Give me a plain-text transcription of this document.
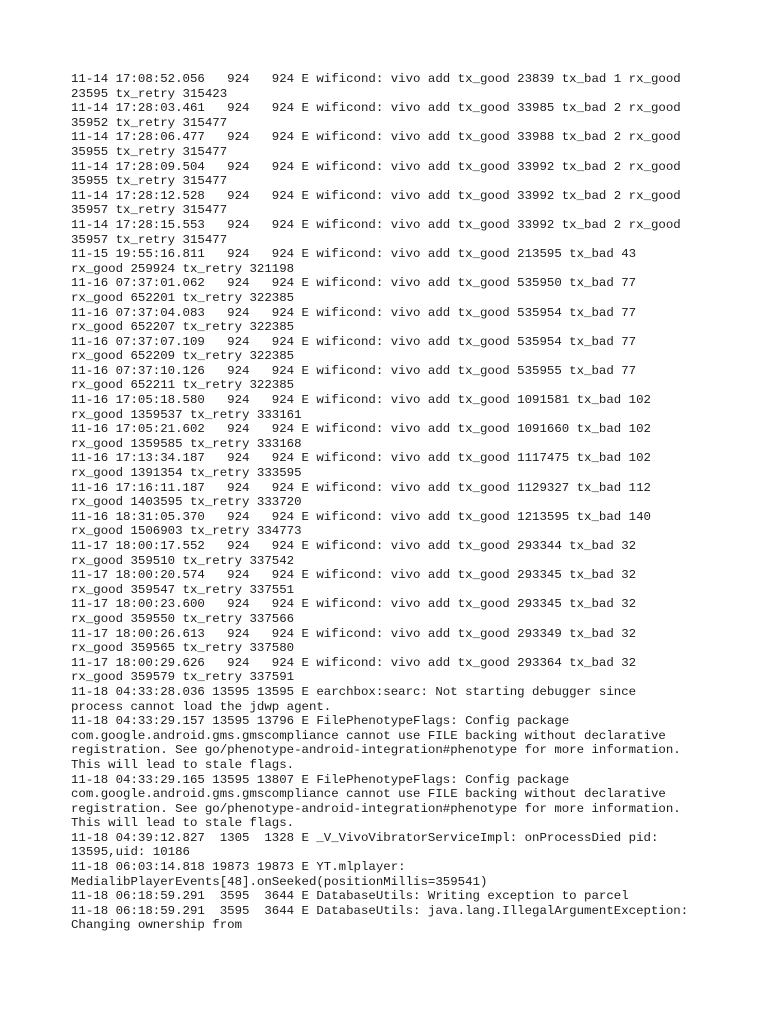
11-14 17:08:52.056   924   924 E wificond: vivo add tx_good 23839 tx_bad 1 rx_good
23595 tx_retry 315423
11-14 17:28:03.461   924   924 E wificond: vivo add tx_good 33985 tx_bad 2 rx_good
35952 tx_retry 315477
11-14 17:28:06.477   924   924 E wificond: vivo add tx_good 33988 tx_bad 2 rx_good
35955 tx_retry 315477
11-14 17:28:09.504   924   924 E wificond: vivo add tx_good 33992 tx_bad 2 rx_good
35955 tx_retry 315477
11-14 17:28:12.528   924   924 E wificond: vivo add tx_good 33992 tx_bad 2 rx_good
35957 tx_retry 315477
11-14 17:28:15.553   924   924 E wificond: vivo add tx_good 33992 tx_bad 2 rx_good
35957 tx_retry 315477
11-15 19:55:16.811   924   924 E wificond: vivo add tx_good 213595 tx_bad 43
rx_good 259924 tx_retry 321198
11-16 07:37:01.062   924   924 E wificond: vivo add tx_good 535950 tx_bad 77
rx_good 652201 tx_retry 322385
11-16 07:37:04.083   924   924 E wificond: vivo add tx_good 535954 tx_bad 77
rx_good 652207 tx_retry 322385
11-16 07:37:07.109   924   924 E wificond: vivo add tx_good 535954 tx_bad 77
rx_good 652209 tx_retry 322385
11-16 07:37:10.126   924   924 E wificond: vivo add tx_good 535955 tx_bad 77
rx_good 652211 tx_retry 322385
11-16 17:05:18.580   924   924 E wificond: vivo add tx_good 1091581 tx_bad 102
rx_good 1359537 tx_retry 333161
11-16 17:05:21.602   924   924 E wificond: vivo add tx_good 1091660 tx_bad 102
rx_good 1359585 tx_retry 333168
11-16 17:13:34.187   924   924 E wificond: vivo add tx_good 1117475 tx_bad 102
rx_good 1391354 tx_retry 333595
11-16 17:16:11.187   924   924 E wificond: vivo add tx_good 1129327 tx_bad 112
rx_good 1403595 tx_retry 333720
11-16 18:31:05.370   924   924 E wificond: vivo add tx_good 1213595 tx_bad 140
rx_good 1506903 tx_retry 334773
11-17 18:00:17.552   924   924 E wificond: vivo add tx_good 293344 tx_bad 32
rx_good 359510 tx_retry 337542
11-17 18:00:20.574   924   924 E wificond: vivo add tx_good 293345 tx_bad 32
rx_good 359547 tx_retry 337551
11-17 18:00:23.600   924   924 E wificond: vivo add tx_good 293345 tx_bad 32
rx_good 359550 tx_retry 337566
11-17 18:00:26.613   924   924 E wificond: vivo add tx_good 293349 tx_bad 32
rx_good 359565 tx_retry 337580
11-17 18:00:29.626   924   924 E wificond: vivo add tx_good 293364 tx_bad 32
rx_good 359579 tx_retry 337591
11-18 04:33:28.036 13595 13595 E earchbox:searc: Not starting debugger since
process cannot load the jdwp agent.
11-18 04:33:29.157 13595 13796 E FilePhenotypeFlags: Config package
com.google.android.gms.gmscompliance cannot use FILE backing without declarative
registration. See go/phenotype-android-integration#phenotype for more information.
This will lead to stale flags.
11-18 04:33:29.165 13595 13807 E FilePhenotypeFlags: Config package
com.google.android.gms.gmscompliance cannot use FILE backing without declarative
registration. See go/phenotype-android-integration#phenotype for more information.
This will lead to stale flags.
11-18 04:39:12.827  1305  1328 E _V_VivoVibratorServiceImpl: onProcessDied pid:
13595,uid: 10186
11-18 06:03:14.818 19873 19873 E YT.mlplayer:
MedialibPlayerEvents[48].onSeeked(positionMillis=359541)
11-18 06:18:59.291  3595  3644 E DatabaseUtils: Writing exception to parcel
11-18 06:18:59.291  3595  3644 E DatabaseUtils: java.lang.IllegalArgumentException:
Changing ownership from
